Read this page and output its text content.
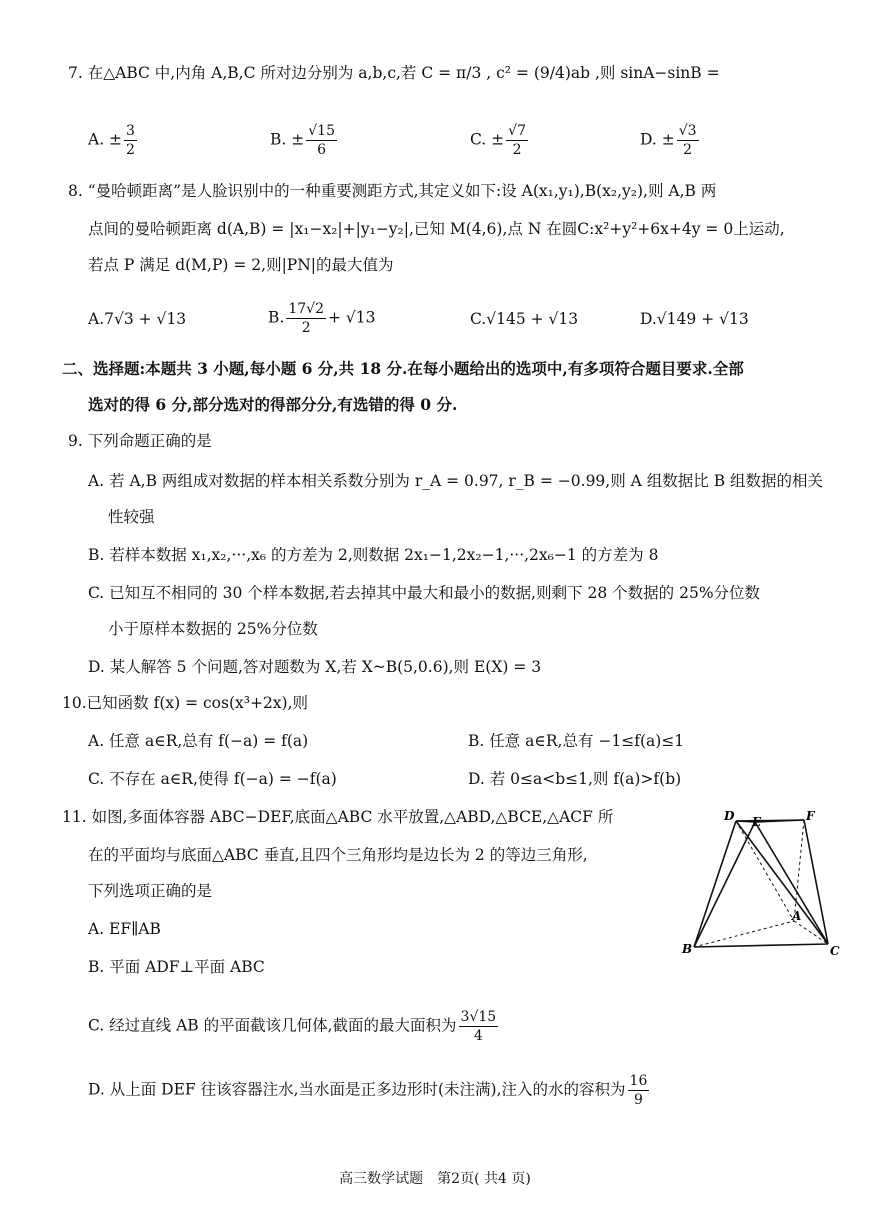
7. 在△ABC 中,内角 A,B,C 所对边分别为 a,b,c,若 C = π/3 , c² = (9/4)ab ,则 sinA−sinB =
A. ± $\frac{3}{2}$	B. ± $\frac{√15}{6}$	C. ± $\frac{√7}{2}$	D. ± $\frac{√3}{2}$
8. “曼哈顿距离”是人脸识别中的一种重要测距方式,其定义如下:设 A(x₁,y₁),B(x₂,y₂),则 A,B 两
点间的曼哈顿距离 d(A,B) = |x₁−x₂|+|y₁−y₂|,已知 M(4,6),点 N 在圆C:x²+y²+6x+4y = 0上运动,
若点 P 满足 d(M,P) = 2,则|PN|的最大值为
A.7√3 + √13	B. $\frac{17√2}{2} + √13$	C.√145 + √13	D.√149 + √13
二、选择题:本题共 3 小题,每小题 6 分,共 18 分.在每小题给出的选项中,有多项符合题目要求.全部
选对的得 6 分,部分选对的得部分分,有选错的得 0 分.
9. 下列命题正确的是
A. 若 A,B 两组成对数据的样本相关系数分别为 r_A = 0.97, r_B = −0.99,则 A 组数据比 B 组数据的相关
性较强
B. 若样本数据 x₁,x₂,···,x₆ 的方差为 2,则数据 2x₁−1,2x₂−1,···,2x₆−1 的方差为 8
C. 已知互不相同的 30 个样本数据,若去掉其中最大和最小的数据,则剩下 28 个数据的 25%分位数
小于原样本数据的 25%分位数
D. 某人解答 5 个问题,答对题数为 X,若 X~B(5,0.6),则 E(X) = 3
10.已知函数 f(x) = cos(x³+2x),则
A. 任意 a∈R,总有 f(−a) = f(a)	B. 任意 a∈R,总有 −1≤f(a)≤1
C. 不存在 a∈R,使得 f(−a) = −f(a)	D. 若 0≤a<b≤1,则 f(a)>f(b)
11. 如图,多面体容器 ABC−DEF,底面△ABC 水平放置,△ABD,△BCE,△ACF 所
在的平面均与底面△ABC 垂直,且四个三角形均是边长为 2 的等边三角形,
下列选项正确的是
A. EF∥AB
B. 平面 ADF⊥平面 ABC
C. 经过直线 AB 的平面截该几何体,截面的最大面积为 $\frac{3√15}{4}$
D. 从上面 DEF 往该容器注水,当水面是正多边形时(未注满),注入的水的容积为 $\frac{16}{9}$
D E	F
A
B	C
高三数学试题　第2页( 共4 页)
